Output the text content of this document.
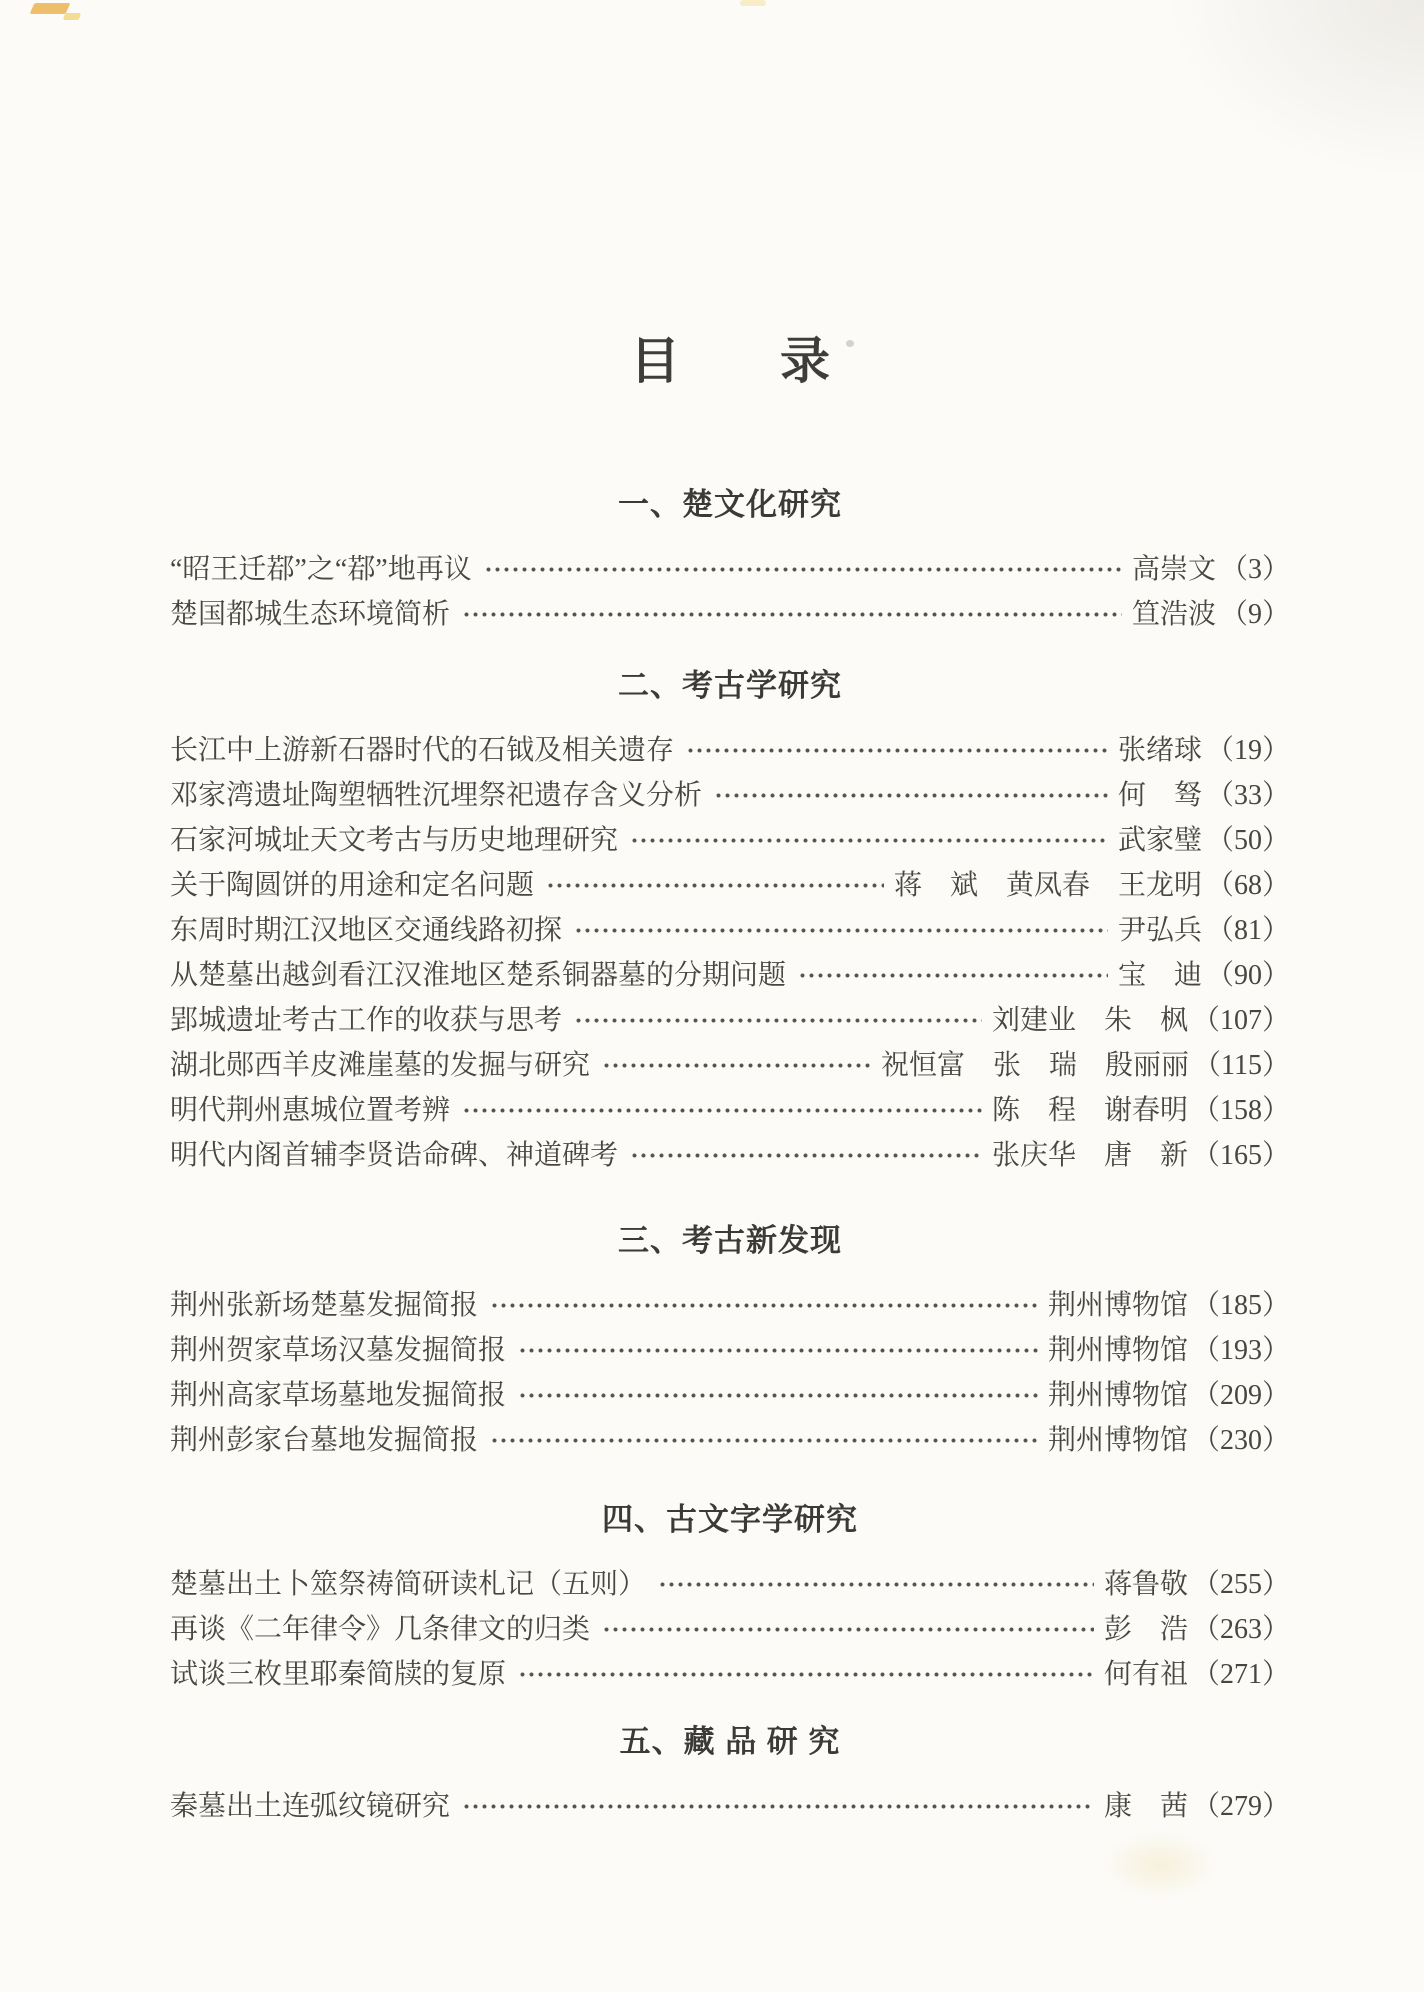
目　　录
一、楚文化研究
“昭王迁鄀”之“鄀”地再议	高崇文 （3）
楚国都城生态环境简析	笪浩波 （9）
二、考古学研究
长江中上游新石器时代的石钺及相关遗存	张绪球 （19）
邓家湾遗址陶塑牺牲沉埋祭祀遗存含义分析	何　驽 （33）
石家河城址天文考古与历史地理研究	武家璧 （50）
关于陶圆饼的用途和定名问题	蒋　斌　黄凤春　王龙明 （68）
东周时期江汉地区交通线路初探	尹弘兵 （81）
从楚墓出越剑看江汉淮地区楚系铜器墓的分期问题	宝　迪 （90）
郢城遗址考古工作的收获与思考	刘建业　朱　枫 （107）
湖北郧西羊皮滩崖墓的发掘与研究	祝恒富　张　瑞　殷丽丽 （115）
明代荆州惠城位置考辨	陈　程　谢春明 （158）
明代内阁首辅李贤诰命碑、神道碑考	张庆华　唐　新 （165）
三、考古新发现
荆州张新场楚墓发掘简报	荆州博物馆 （185）
荆州贺家草场汉墓发掘简报	荆州博物馆 （193）
荆州高家草场墓地发掘简报	荆州博物馆 （209）
荆州彭家台墓地发掘简报	荆州博物馆 （230）
四、古文字学研究
楚墓出土卜筮祭祷简研读札记（五则）	蒋鲁敬 （255）
再谈《二年律令》几条律文的归类	彭　浩 （263）
试谈三枚里耶秦简牍的复原	何有祖 （271）
五、藏 品 研 究
秦墓出土连弧纹镜研究	康　茜 （279）
